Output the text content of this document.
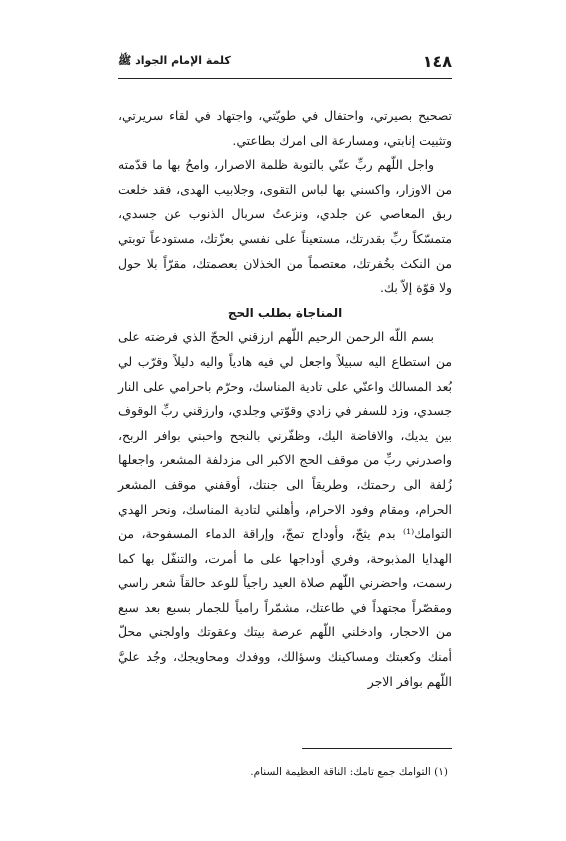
١٤٨
كلمة الإمام الجواد ﷺ

تصحيح بصيرتي، واحتفال في طويّتي، واجتهاد في لقاء سريرتي، وتثبيت إنابتي، ومسارعة الى امرك بطاعتي.

واجل اللّهم ربِّ عنّي بالتوبة ظلمة الاصرار، وامحُ بها ما قدّمته من الاوزار، واكسني بها لباس التقوى، وجلابيب الهدى، فقد خلعت ربق المعاصي عن جلدي، ونزعتُ سربال الذنوب عن جسدي، متمسّكاً ربِّ بقدرتك، مستعيناً على نفسي بعزّتك، مستودعاً توبتي من النكث بخُفرتك، معتصماً من الخذلان بعصمتك، مقرّاً بلا حول ولا قوّة إلاّ بك.

المناجاة بطلب الحج

بسم اللّه الرحمن الرحيم اللّهم ارزقني الحجّ الذي فرضته على من استطاع اليه سبيلاً واجعل لي فيه هادياً واليه دليلاً وقرّب لي بُعد المسالك واعنّي على تادية المناسك، وحرّم باحرامي على النار جسدي، وزد للسفر في زادي وقوّتي وجلدي، وارزقني ربِّ الوقوف بين يديك، والافاضة اليك، وظفّرني بالنجح واحبني بوافر الربح، واصدرني ربِّ من موقف الحج الاكبر الى مزدلفة المشعر، واجعلها زُلفة الى رحمتك، وطريقاً الى جنتك، أوقفني موقف المشعر الحرام، ومقام وفود الاحرام، وأهلني لتادية المناسك، ونحر الهدي التوامك⁽¹⁾ بدم يثجّ، وأوداج تمجّ، وإراقة الدماء المسفوحة، من الهدايا المذبوحة، وفري أوداجها على ما أمرت، والتنفّل بها كما رسمت، واحضرني اللّهم صلاة العيد راجياً للوعد حالقاً شعر راسي ومقصّراً مجتهداً في طاعتك، مشمّراً رامياً للجمار بسبع بعد سبع من الاحجار، وادخلني اللّهم عرصة بيتك وعقوتك واولجني محلّ أمنك وكعبتك ومساكينك وسؤالك، ووفدك ومحاويجك، وجُد عليَّ اللّهم بوافر الاجر

(١) التوامك جمع تامك: الناقة العظيمة السنام.
